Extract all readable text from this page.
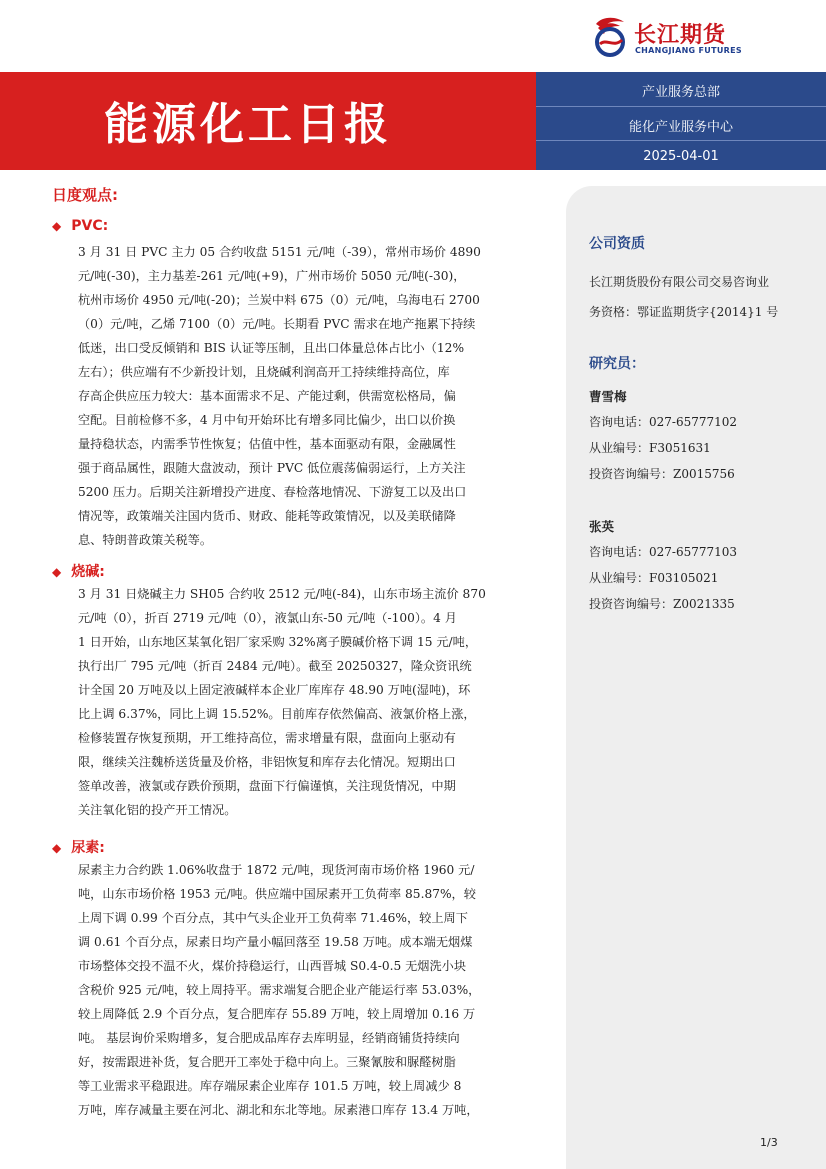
长江期货
CHANGJIANG FUTURES
能源化工日报
产业服务总部
能化产业服务中心
2025-04-01
日度观点:
◆ PVC:
3 月 31 日 PVC 主力 05 合约收盘 5151 元/吨（-39），常州市场价 4890
元/吨(-30)，主力基差-261 元/吨(+9)，广州市场价 5050 元/吨(-30)，
杭州市场价 4950 元/吨(-20)；兰炭中料 675（0）元/吨，乌海电石 2700
（0）元/吨，乙烯 7100（0）元/吨。长期看 PVC 需求在地产拖累下持续
低迷，出口受反倾销和 BIS 认证等压制，且出口体量总体占比小（12%
左右）；供应端有不少新投计划，且烧碱利润高开工持续维持高位，库
存高企供应压力较大：基本面需求不足、产能过剩，供需宽松格局，偏
空配。目前检修不多，4 月中旬开始环比有增多同比偏少，出口以价换
量持稳状态，内需季节性恢复；估值中性，基本面驱动有限，金融属性
强于商品属性，跟随大盘波动，预计 PVC 低位震荡偏弱运行，上方关注
5200 压力。后期关注新增投产进度、春检落地情况、下游复工以及出口
情况等，政策端关注国内货币、财政、能耗等政策情况，以及美联储降
息、特朗普政策关税等。
◆ 烧碱:
3 月 31 日烧碱主力 SH05 合约收 2512 元/吨(-84)，山东市场主流价 870
元/吨（0），折百 2719 元/吨（0），液氯山东-50 元/吨（-100）。4 月
1 日开始，山东地区某氧化铝厂家采购 32%离子膜碱价格下调 15 元/吨，
执行出厂 795 元/吨（折百 2484 元/吨）。截至 20250327，隆众资讯统
计全国 20 万吨及以上固定液碱样本企业厂库库存 48.90 万吨(湿吨)，环
比上调 6.37%，同比上调 15.52%。目前库存依然偏高、液氯价格上涨，
检修装置存恢复预期，开工维持高位，需求增量有限，盘面向上驱动有
限，继续关注魏桥送货量及价格，非铝恢复和库存去化情况。短期出口
签单改善，液氯或存跌价预期，盘面下行偏谨慎，关注现货情况，中期
关注氧化铝的投产开工情况。
◆ 尿素:
尿素主力合约跌 1.06%收盘于 1872 元/吨，现货河南市场价格 1960 元/
吨，山东市场价格 1953 元/吨。供应端中国尿素开工负荷率 85.87%，较
上周下调 0.99 个百分点，其中气头企业开工负荷率 71.46%，较上周下
调 0.61 个百分点，尿素日均产量小幅回落至 19.58 万吨。成本端无烟煤
市场整体交投不温不火，煤价持稳运行，山西晋城 S0.4-0.5 无烟洗小块
含税价 925 元/吨，较上周持平。需求端复合肥企业产能运行率 53.03%，
较上周降低 2.9 个百分点，复合肥库存 55.89 万吨，较上周增加 0.16 万
吨。 基层询价采购增多，复合肥成品库存去库明显，经销商铺货持续向
好，按需跟进补货，复合肥开工率处于稳中向上。三聚氰胺和脲醛树脂
等工业需求平稳跟进。库存端尿素企业库存 101.5 万吨，较上周减少 8
万吨，库存减量主要在河北、湖北和东北等地。尿素港口库存 13.4 万吨，
公司资质
长江期货股份有限公司交易咨询业
务资格：鄂证监期货字{2014}1 号
研究员：
曹雪梅
咨询电话：027-65777102
从业编号：F3051631
投资咨询编号：Z0015756
张英
咨询电话：027-65777103
从业编号：F03105021
投资咨询编号：Z0021335
1/3
